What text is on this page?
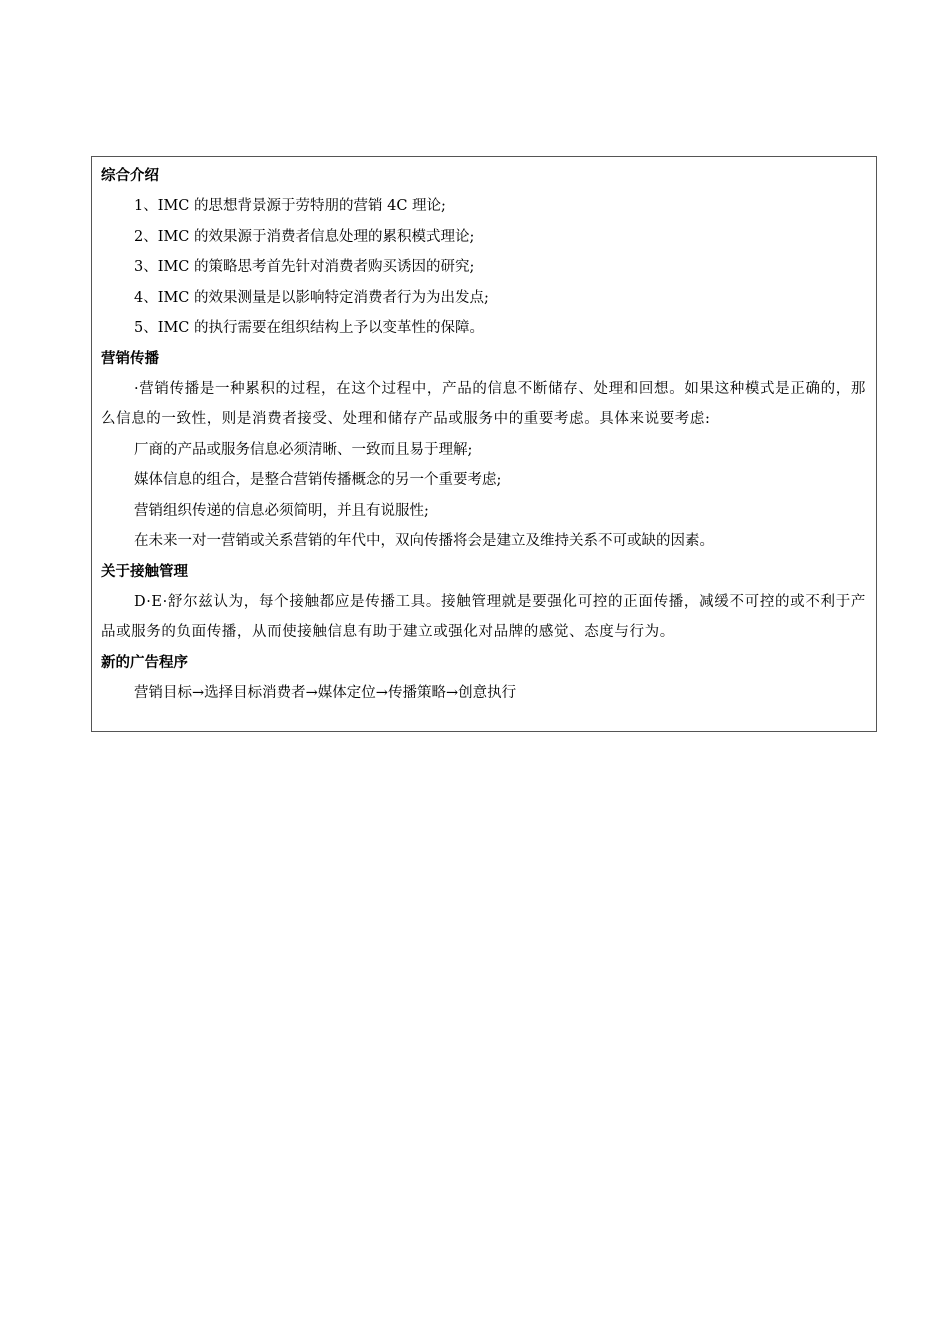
综合介绍
1、IMC 的思想背景源于劳特朋的营销 4C 理论;
2、IMC 的效果源于消费者信息处理的累积模式理论;
3、IMC 的策略思考首先针对消费者购买诱因的研究;
4、IMC 的效果测量是以影响特定消费者行为为出发点;
5、IMC 的执行需要在组织结构上予以变革性的保障。
营销传播
·营销传播是一种累积的过程，在这个过程中，产品的信息不断储存、处理和回想。如果这种模式是正确的，那么信息的一致性，则是消费者接受、处理和储存产品或服务中的重要考虑。具体来说要考虑:
厂商的产品或服务信息必须清晰、一致而且易于理解;
媒体信息的组合，是整合营销传播概念的另一个重要考虑;
营销组织传递的信息必须简明，并且有说服性;
在未来一对一营销或关系营销的年代中，双向传播将会是建立及维持关系不可或缺的因素。
关于接触管理
D·E·舒尔兹认为，每个接触都应是传播工具。接触管理就是要强化可控的正面传播，减缓不可控的或不利于产品或服务的负面传播，从而使接触信息有助于建立或强化对品牌的感觉、态度与行为。
新的广告程序
营销目标→选择目标消费者→媒体定位→传播策略→创意执行
